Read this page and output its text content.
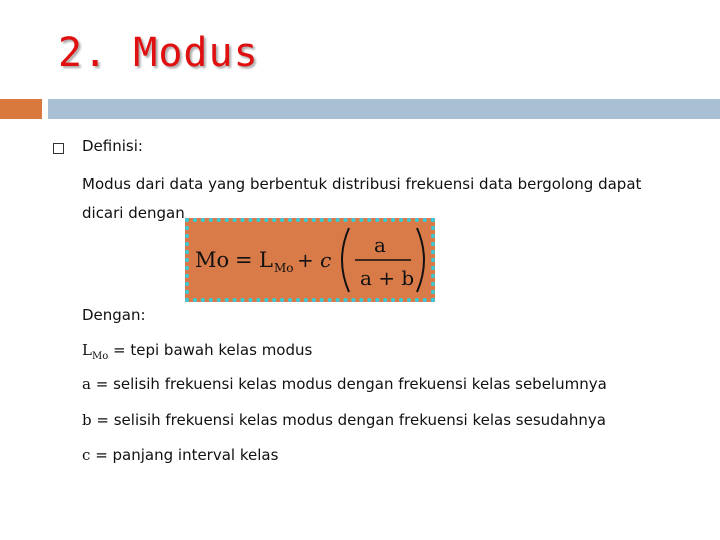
2. Modus
Definisi:
Modus dari data yang berbentuk distribusi frekuensi data bergolong dapat dicari dengan
Mo = L Mo + c
a
a + b
Dengan:
$L_{Mo}$ = tepi bawah kelas modus
a = selisih frekuensi kelas modus dengan frekuensi kelas sebelumnya
b = selisih frekuensi kelas modus dengan frekuensi kelas sesudahnya
c = panjang interval kelas
